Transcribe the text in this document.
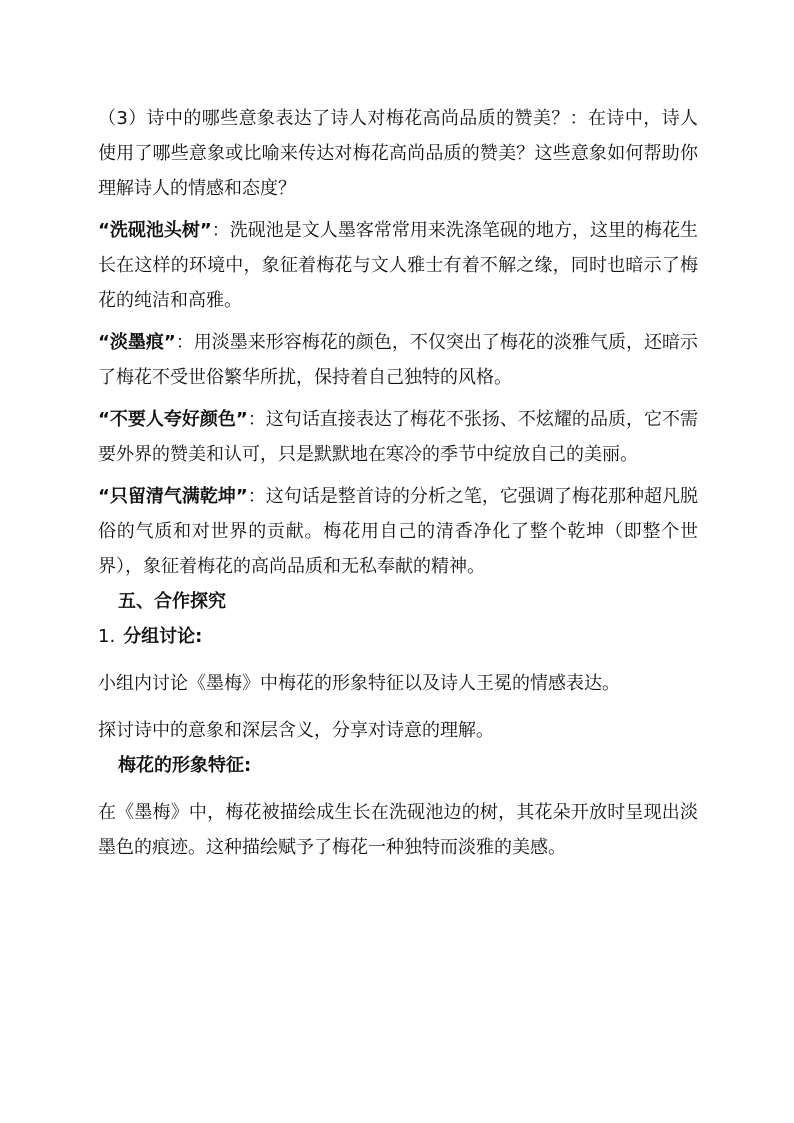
（3）诗中的哪些意象表达了诗人对梅花高尚品质的赞美？：在诗中，诗人使用了哪些意象或比喻来传达对梅花高尚品质的赞美？这些意象如何帮助你理解诗人的情感和态度？

“洗砚池头树”：洗砚池是文人墨客常常用来洗涤笔砚的地方，这里的梅花生长在这样的环境中，象征着梅花与文人雅士有着不解之缘，同时也暗示了梅花的纯洁和高雅。

“淡墨痕”：用淡墨来形容梅花的颜色，不仅突出了梅花的淡雅气质，还暗示了梅花不受世俗繁华所扰，保持着自己独特的风格。

“不要人夸好颜色”：这句话直接表达了梅花不张扬、不炫耀的品质，它不需要外界的赞美和认可，只是默默地在寒冷的季节中绽放自己的美丽。

“只留清气满乾坤”：这句话是整首诗的分析之笔，它强调了梅花那种超凡脱俗的气质和对世界的贡献。梅花用自己的清香净化了整个乾坤（即整个世界），象征着梅花的高尚品质和无私奉献的精神。

五、合作探究

1. 分组讨论:

小组内讨论《墨梅》中梅花的形象特征以及诗人王冕的情感表达。

探讨诗中的意象和深层含义，分享对诗意的理解。

梅花的形象特征:

在《墨梅》中，梅花被描绘成生长在洗砚池边的树，其花朵开放时呈现出淡墨色的痕迹。这种描绘赋予了梅花一种独特而淡雅的美感。
